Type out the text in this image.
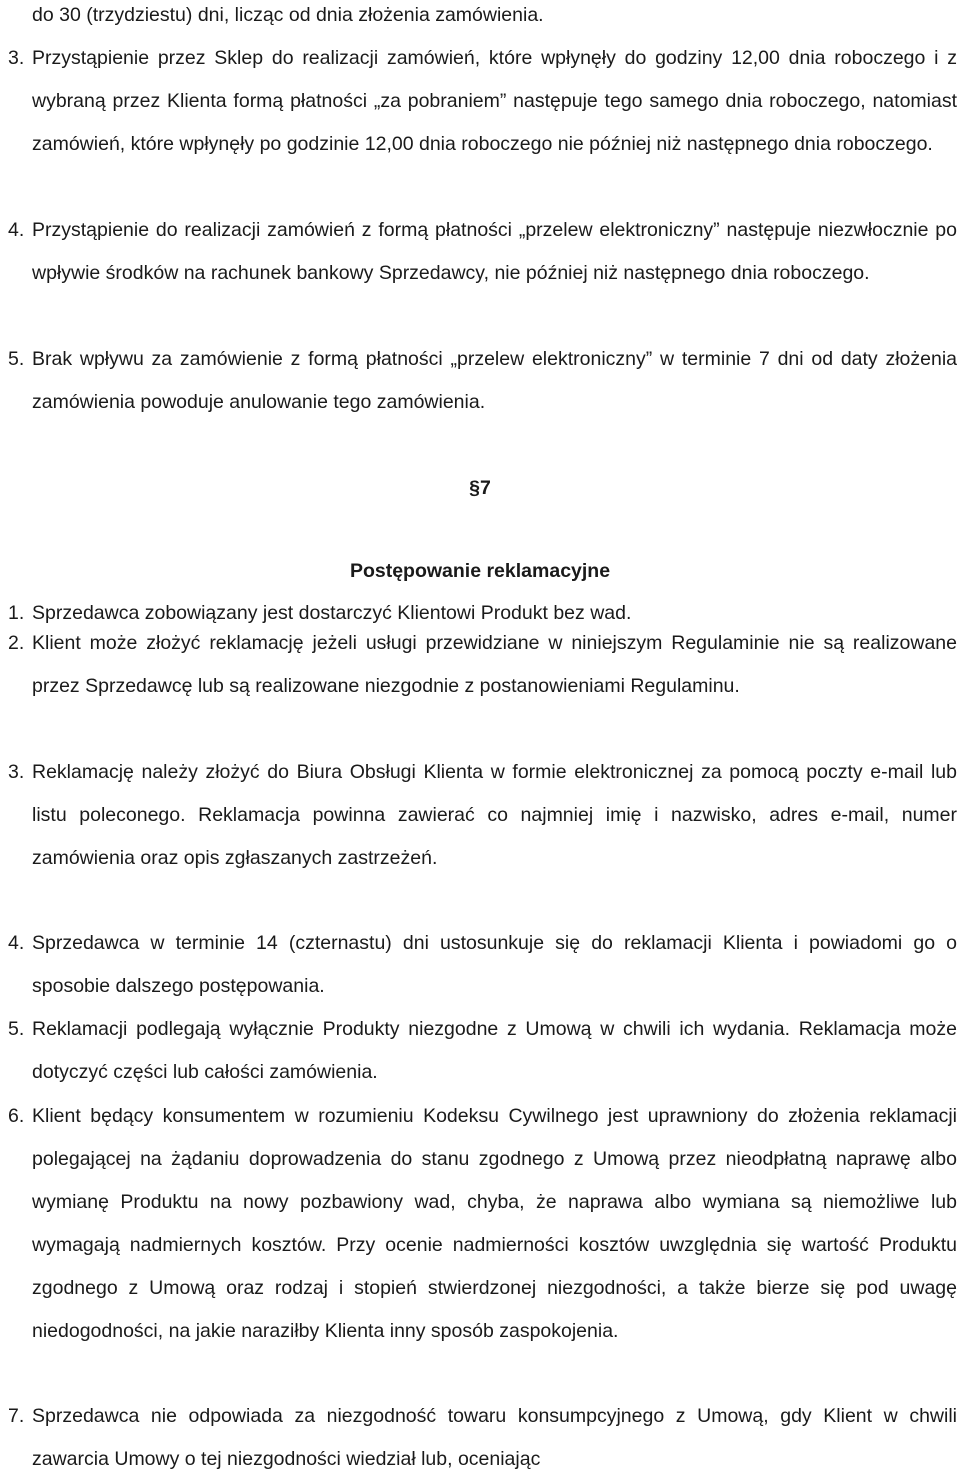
do 30 (trzydziestu) dni, licząc od dnia złożenia zamówienia.
3. Przystąpienie przez Sklep do realizacji zamówień, które wpłynęły do godziny 12,00 dnia roboczego i z wybraną przez Klienta formą płatności „za pobraniem” następuje tego samego dnia roboczego, natomiast zamówień, które wpłynęły po godzinie 12,00 dnia roboczego nie później niż następnego dnia roboczego.
4. Przystąpienie do realizacji zamówień z formą płatności „przelew elektroniczny” następuje niezwłocznie po wpływie środków na rachunek bankowy Sprzedawcy, nie później niż następnego dnia roboczego.
5. Brak wpływu za zamówienie z formą płatności „przelew elektroniczny” w terminie 7 dni od daty złożenia zamówienia powoduje anulowanie tego zamówienia.
§7
Postępowanie reklamacyjne
1. Sprzedawca zobowiązany jest dostarczyć Klientowi Produkt bez wad.
2. Klient może złożyć reklamację jeżeli usługi przewidziane w niniejszym Regulaminie nie są realizowane przez Sprzedawcę lub są realizowane niezgodnie z postanowieniami Regulaminu.
3. Reklamację należy złożyć do Biura Obsługi Klienta w formie elektronicznej za pomocą poczty e-mail lub listu poleconego. Reklamacja powinna zawierać co najmniej imię i nazwisko, adres e-mail, numer zamówienia oraz opis zgłaszanych zastrzeżeń.
4. Sprzedawca w terminie 14 (czternastu) dni ustosunkuje się do reklamacji Klienta i powiadomi go o sposobie dalszego postępowania.
5. Reklamacji podlegają wyłącznie Produkty niezgodne z Umową w chwili ich wydania. Reklamacja może dotyczyć części lub całości zamówienia.
6. Klient będący konsumentem w rozumieniu Kodeksu Cywilnego jest uprawniony do złożenia reklamacji polegającej na żądaniu doprowadzenia do stanu zgodnego z Umową przez nieodpłatną naprawę albo wymianę Produktu na nowy pozbawiony wad, chyba, że naprawa albo wymiana są niemożliwe lub wymagają nadmiernych kosztów. Przy ocenie nadmierności kosztów uwzględnia się wartość Produktu zgodnego z Umową oraz rodzaj i stopień stwierdzonej niezgodności, a także bierze się pod uwagę niedogodności, na jakie naraziłby Klienta inny sposób zaspokojenia.
7. Sprzedawca nie odpowiada za niezgodność towaru konsumpcyjnego z Umową, gdy Klient w chwili zawarcia Umowy o tej niezgodności wiedział lub, oceniając
